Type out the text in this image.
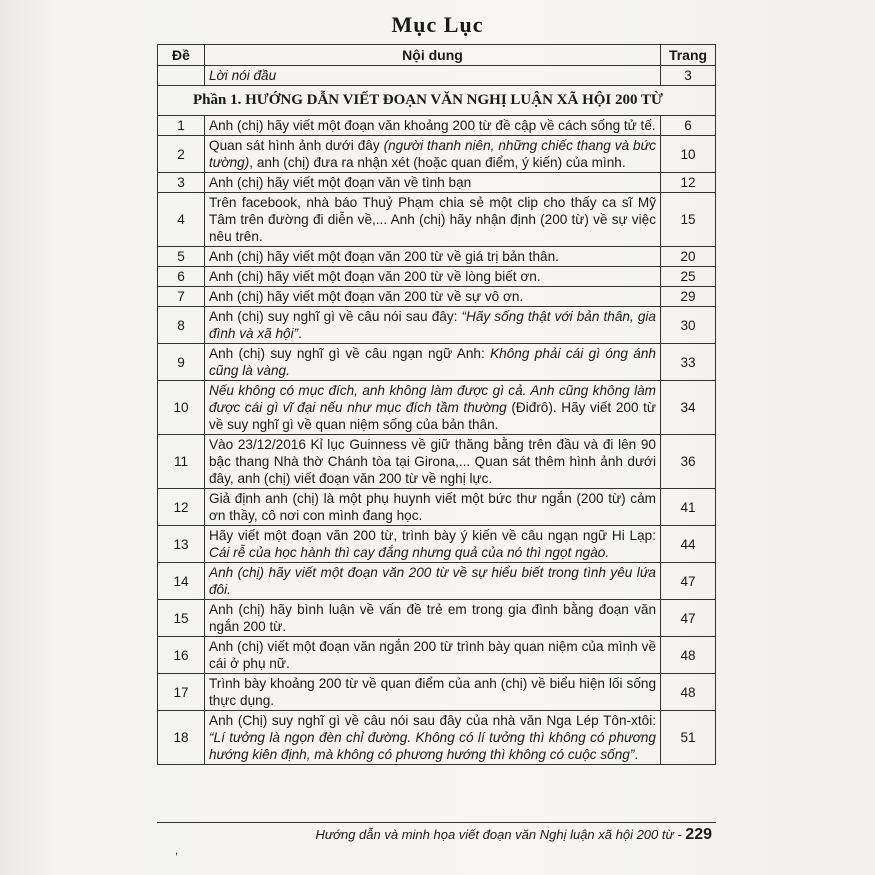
Mục Lục
Đề	Nội dung	Trang
	Lời nói đầu	3
Phần 1. HƯỚNG DẪN VIẾT ĐOẠN VĂN NGHỊ LUẬN XÃ HỘI 200 TỪ		
1	Anh (chị) hãy viết một đoạn văn khoảng 200 từ đề cập về cách sống tử tế.	6
2	Quan sát hình ảnh dưới đây (người thanh niên, những chiếc thang và bức tường), anh (chị) đưa ra nhận xét (hoặc quan điểm, ý kiến) của mình.	10
3	Anh (chị) hãy viết một đoạn văn về tình bạn	12
4	Trên facebook, nhà báo Thuỷ Phạm chia sẻ một clip cho thấy ca sĩ Mỹ Tâm trên đường đi diễn về,... Anh (chị) hãy nhận định (200 từ) về sự việc nêu trên.	15
5	Anh (chị) hãy viết một đoạn văn 200 từ về giá trị bản thân.	20
6	Anh (chị) hãy viết một đoạn văn 200 từ về lòng biết ơn.	25
7	Anh (chị) hãy viết một đoạn văn 200 từ về sự vô ơn.	29
8	Anh (chị) suy nghĩ gì về câu nói sau đây: “Hãy sống thật với bản thân, gia đình và xã hội”.	30
9	Anh (chị) suy nghĩ gì về câu ngạn ngữ Anh: Không phải cái gì óng ánh cũng là vàng.	33
10	Nếu không có mục đích, anh không làm được gì cả. Anh cũng không làm được cái gì vĩ đại nếu như mục đích tầm thường (Điđrô). Hãy viết 200 từ về suy nghĩ gì về quan niệm sống của bản thân.	34
11	Vào 23/12/2016 Kỉ lục Guinness về giữ thăng bằng trên đầu và đi lên 90 bậc thang Nhà thờ Chánh tòa tại Girona,... Quan sát thêm hình ảnh dưới đây, anh (chị) viết đoạn văn 200 từ về nghị lực.	36
12	Giả định anh (chị) là một phụ huynh viết một bức thư ngắn (200 từ) cảm ơn thầy, cô nơi con mình đang học.	41
13	Hãy viết một đoạn văn 200 từ, trình bày ý kiến về câu ngạn ngữ Hi Lạp: Cái rễ của học hành thì cay đắng nhưng quả của nó thì ngọt ngào.	44
14	Anh (chị) hãy viết một đoạn văn 200 từ về sự hiểu biết trong tình yêu lứa đôi.	47
15	Anh (chị) hãy bình luận về vấn đề trẻ em trong gia đình bằng đoạn văn ngắn 200 từ.	47
16	Anh (chị) viết một đoạn văn ngắn 200 từ trình bày quan niệm của mình về cái ở phụ nữ.	48
17	Trình bày khoảng 200 từ về quan điểm của anh (chị) về biểu hiện lối sống thực dụng.	48
18	Anh (Chị) suy nghĩ gì về câu nói sau đây của nhà văn Nga Lép Tôn-xtôi: “Lí tưởng là ngọn đèn chỉ đường. Không có lí tưởng thì không có phương hướng kiên định, mà không có phương hướng thì không có cuộc sống”.	51
Hướng dẫn và minh họa viết đoạn văn Nghị luận xã hội 200 từ - 229
,
